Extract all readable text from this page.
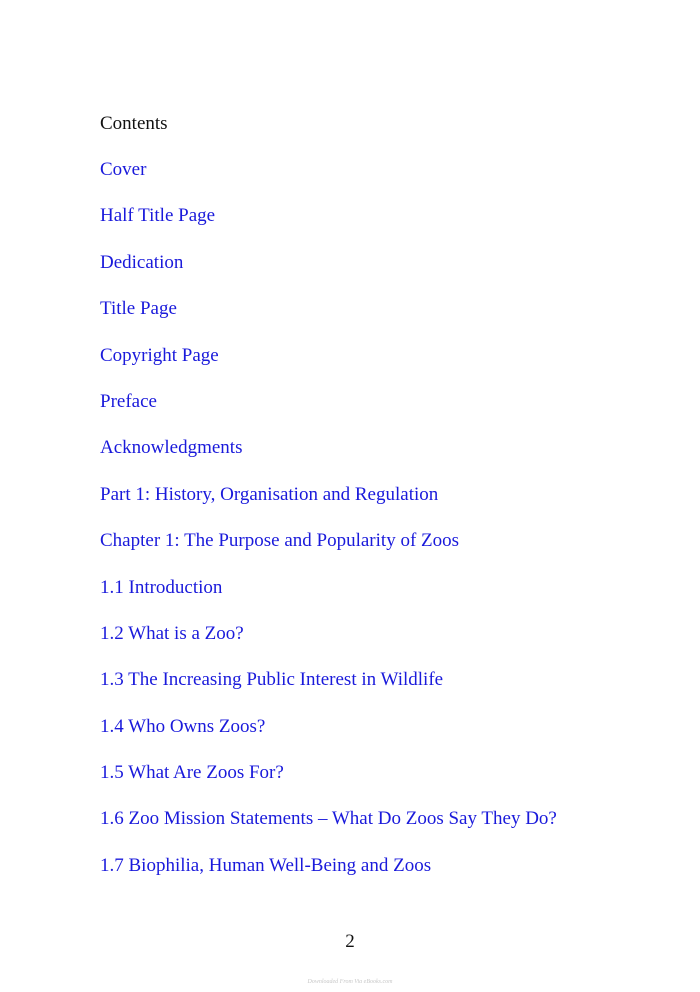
Contents
Cover
Half Title Page
Dedication
Title Page
Copyright Page
Preface
Acknowledgments
Part 1: History, Organisation and Regulation
Chapter 1: The Purpose and Popularity of Zoos
1.1 Introduction
1.2 What is a Zoo?
1.3 The Increasing Public Interest in Wildlife
1.4 Who Owns Zoos?
1.5 What Are Zoos For?
1.6 Zoo Mission Statements – What Do Zoos Say They Do?
1.7 Biophilia, Human Well-Being and Zoos
2
Downloaded From Via eBooks.com
